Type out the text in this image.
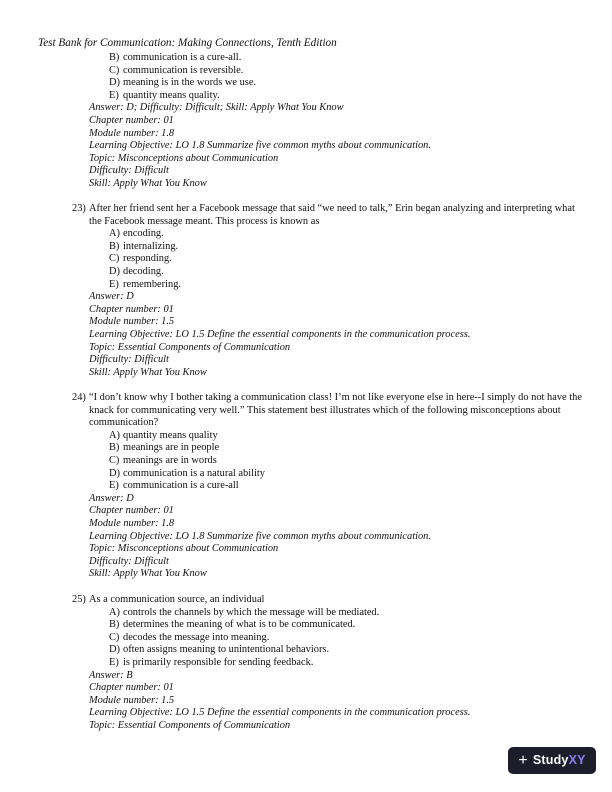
Test Bank for Communication: Making Connections, Tenth Edition
B) communication is a cure-all.
C) communication is reversible.
D) meaning is in the words we use.
E) quantity means quality.
Answer: D; Difficulty: Difficult; Skill: Apply What You Know
Chapter number: 01
Module number: 1.8
Learning Objective: LO 1.8 Summarize five common myths about communication.
Topic: Misconceptions about Communication
Difficulty: Difficult
Skill: Apply What You Know
23) After her friend sent her a Facebook message that said “we need to talk,” Erin began analyzing and interpreting what the Facebook message meant. This process is known as
A) encoding.
B) internalizing.
C) responding.
D) decoding.
E) remembering.
Answer: D
Chapter number: 01
Module number: 1.5
Learning Objective: LO 1.5 Define the essential components in the communication process.
Topic: Essential Components of Communication
Difficulty: Difficult
Skill: Apply What You Know
24) “I don’t know why I bother taking a communication class! I’m not like everyone else in here--I simply do not have the knack for communicating very well.” This statement best illustrates which of the following misconceptions about communication?
A) quantity means quality
B) meanings are in people
C) meanings are in words
D) communication is a natural ability
E) communication is a cure-all
Answer: D
Chapter number: 01
Module number: 1.8
Learning Objective: LO 1.8 Summarize five common myths about communication.
Topic: Misconceptions about Communication
Difficulty: Difficult
Skill: Apply What You Know
25) As a communication source, an individual
A) controls the channels by which the message will be mediated.
B) determines the meaning of what is to be communicated.
C) decodes the message into meaning.
D) often assigns meaning to unintentional behaviors.
E) is primarily responsible for sending feedback.
Answer: B
Chapter number: 01
Module number: 1.5
Learning Objective: LO 1.5 Define the essential components in the communication process.
Topic: Essential Components of Communication
+ Study XY
